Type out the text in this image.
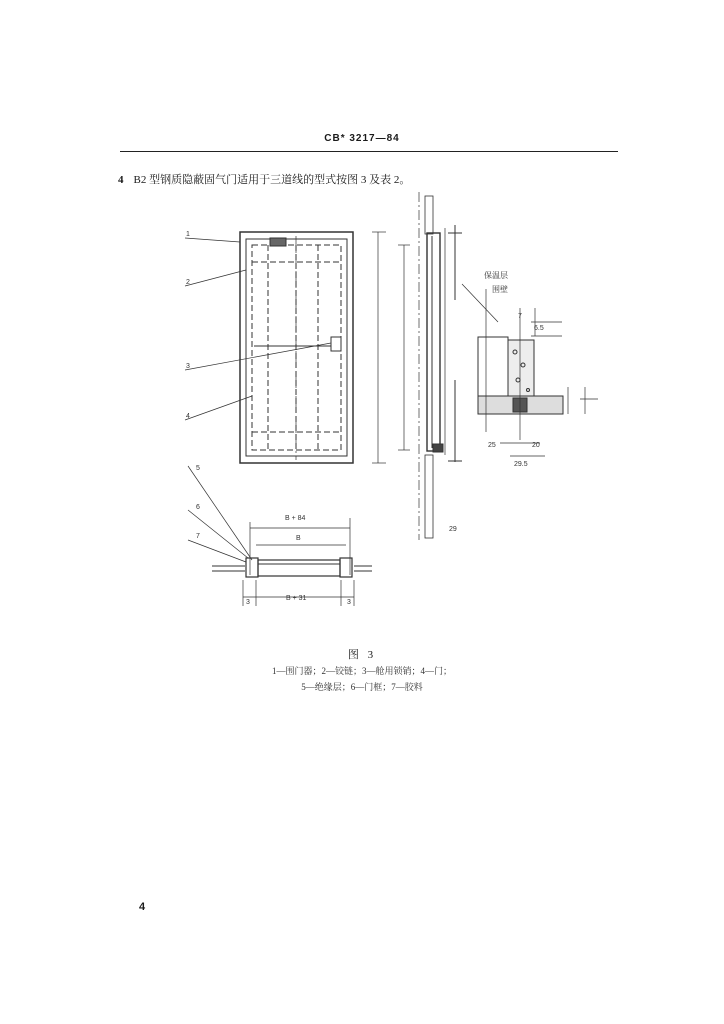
CB* 3217—84
4 B2 型钢质隐蔽固气门适用于三道线的型式按图 3 及表 2。
1
2
3
4
5
6
7
保温层
围壁
7
6.5
25	20
29.5
29
B + 84
B
B + 31
3	3
图 3
1—围门器；2—铰链；3—舱用锁销；4—门；
5—绝缘层；6—门框；7—胶料
4
